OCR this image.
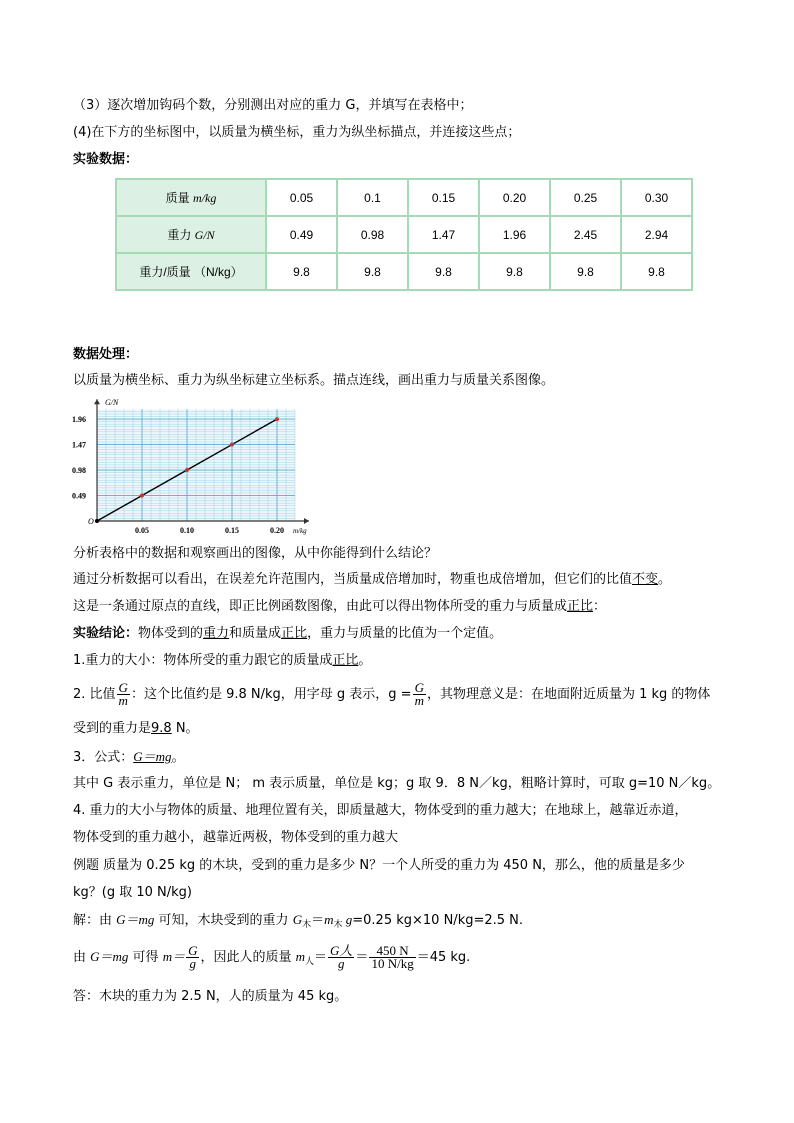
（3）逐次增加钩码个数，分别测出对应的重力 G，并填写在表格中；
(4)在下方的坐标图中，以质量为横坐标，重力为纵坐标描点，并连接这些点；
实验数据：
质量 m/kg	0.05	0.1	0.15	0.20	0.25	0.30
重力 G/N	0.49	0.98	1.47	1.96	2.45	2.94
重力/质量 （N/kg）	9.8	9.8	9.8	9.8	9.8	9.8
数据处理：
以质量为横坐标、重力为纵坐标建立坐标系。描点连线，画出重力与质量关系图像。
G/N
m/kg
O
0.05	0.10	0.15	0.20
0.49
0.98
1.47
1.96
分析表格中的数据和观察画出的图像，从中你能得到什么结论？
通过分析数据可以看出，在误差允许范围内，当质量成倍增加时，物重也成倍增加，但它们的比值不变。
这是一条通过原点的直线，即正比例函数图像，由此可以得出物体所受的重力与质量成正比：
实验结论：物体受到的重力和质量成正比，重力与质量的比值为一个定值。
1.重力的大小：物体所受的重力跟它的质量成正比。
2. 比值 $\frac{G}{m}$ ：这个比值约是 9.8 N/kg，用字母 g 表示，$g = \frac{G}{m}$ ，其物理意义是：在地面附近质量为 1 kg 的物体
受到的重力是9.8 N。
3．公式：G＝mg。
其中 G 表示重力，单位是 N； m 表示质量，单位是 kg；g 取 9．8 N／kg，粗略计算时，可取 g=10 N／kg。
4. 重力的大小与物体的质量、地理位置有关，即质量越大，物体受到的重力越大；在地球上，越靠近赤道，
物体受到的重力越小，越靠近两极，物体受到的重力越大
例题 质量为 0.25 kg 的木块，受到的重力是多少 N？一个人所受的重力为 450 N，那么，他的质量是多少
kg？(g 取 10 N/kg)
解：由 G＝mg 可知，木块受到的重力 $G_木=m_木$ g=0.25 kg×10 N/kg=2.5 N.
由 G＝mg 可得 $m= \frac{G}{g}$ ，因此人的质量 $m_人= \frac{\text{G人}}{g} = \frac{450 N}{10 N/kg} =45$ kg.
答：木块的重力为 2.5 N，人的质量为 45 kg。
